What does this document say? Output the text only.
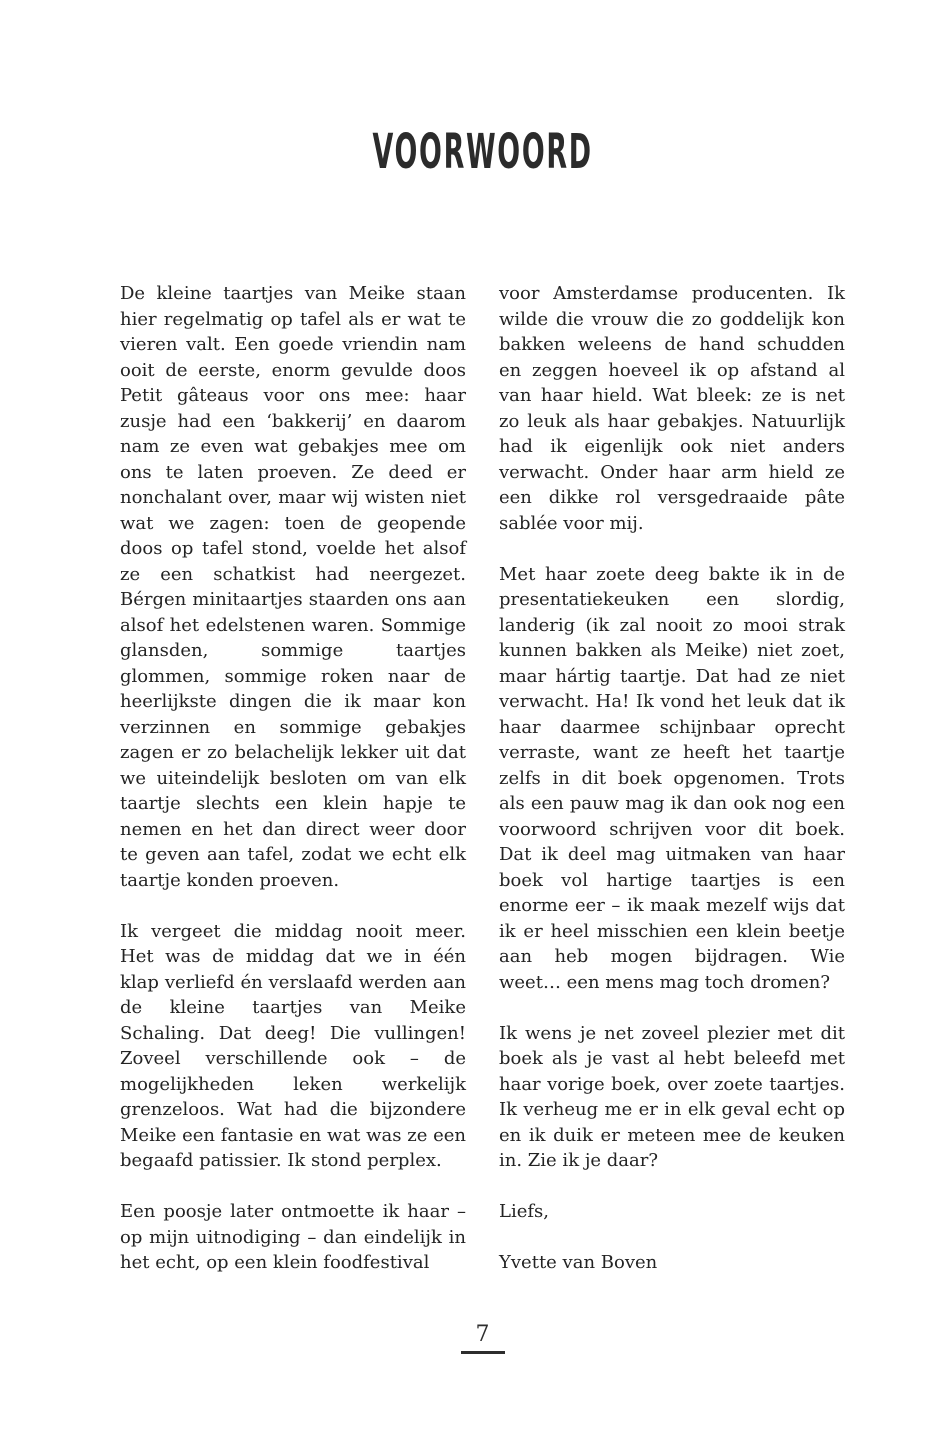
VOORWOORD

De kleine taartjes van Meike staan hier regelmatig op tafel als er wat te vieren valt. Een goede vriendin nam ooit de eerste, enorm gevulde doos Petit gâteaus voor ons mee: haar zusje had een ‘bakkerij’ en daarom nam ze even wat gebakjes mee om ons te laten proeven. Ze deed er nonchalant over, maar wij wisten niet wat we zagen: toen de geopende doos op tafel stond, voelde het alsof ze een schatkist had neergezet. Bérgen minitaartjes staarden ons aan alsof het edelstenen waren. Sommige glansden, sommige taartjes glommen, sommige roken naar de heerlijkste dingen die ik maar kon verzinnen en sommige gebakjes zagen er zo belachelijk lekker uit dat we uiteindelijk besloten om van elk taartje slechts een klein hapje te nemen en het dan direct weer door te geven aan tafel, zodat we echt elk taartje konden proeven.

Ik vergeet die middag nooit meer. Het was de middag dat we in één klap verliefd én verslaafd werden aan de kleine taartjes van Meike Schaling. Dat deeg! Die vullingen! Zoveel verschillende ook – de mogelijkheden leken werkelijk grenzeloos. Wat had die bijzondere Meike een fantasie en wat was ze een begaafd patissier. Ik stond perplex.

Een poosje later ontmoette ik haar – op mijn uitnodiging – dan eindelijk in het echt, op een klein foodfestival

voor Amsterdamse producenten. Ik wilde die vrouw die zo goddelijk kon bakken weleens de hand schudden en zeggen hoeveel ik op afstand al van haar hield. Wat bleek: ze is net zo leuk als haar gebakjes. Natuurlijk had ik eigenlijk ook niet anders verwacht. Onder haar arm hield ze een dikke rol versgedraaide pâte sablée voor mij.

Met haar zoete deeg bakte ik in de presentatiekeuken een slordig, landerig (ik zal nooit zo mooi strak kunnen bakken als Meike) niet zoet, maar hártig taartje. Dat had ze niet verwacht. Ha! Ik vond het leuk dat ik haar daarmee schijnbaar oprecht verraste, want ze heeft het taartje zelfs in dit boek opgenomen. Trots als een pauw mag ik dan ook nog een voorwoord schrijven voor dit boek. Dat ik deel mag uitmaken van haar boek vol hartige taartjes is een enorme eer – ik maak mezelf wijs dat ik er heel misschien een klein beetje aan heb mogen bijdragen. Wie weet… een mens mag toch dromen?

Ik wens je net zoveel plezier met dit boek als je vast al hebt beleefd met haar vorige boek, over zoete taartjes. Ik verheug me er in elk geval echt op en ik duik er meteen mee de keuken in. Zie ik je daar?

Liefs,

Yvette van Boven

7
